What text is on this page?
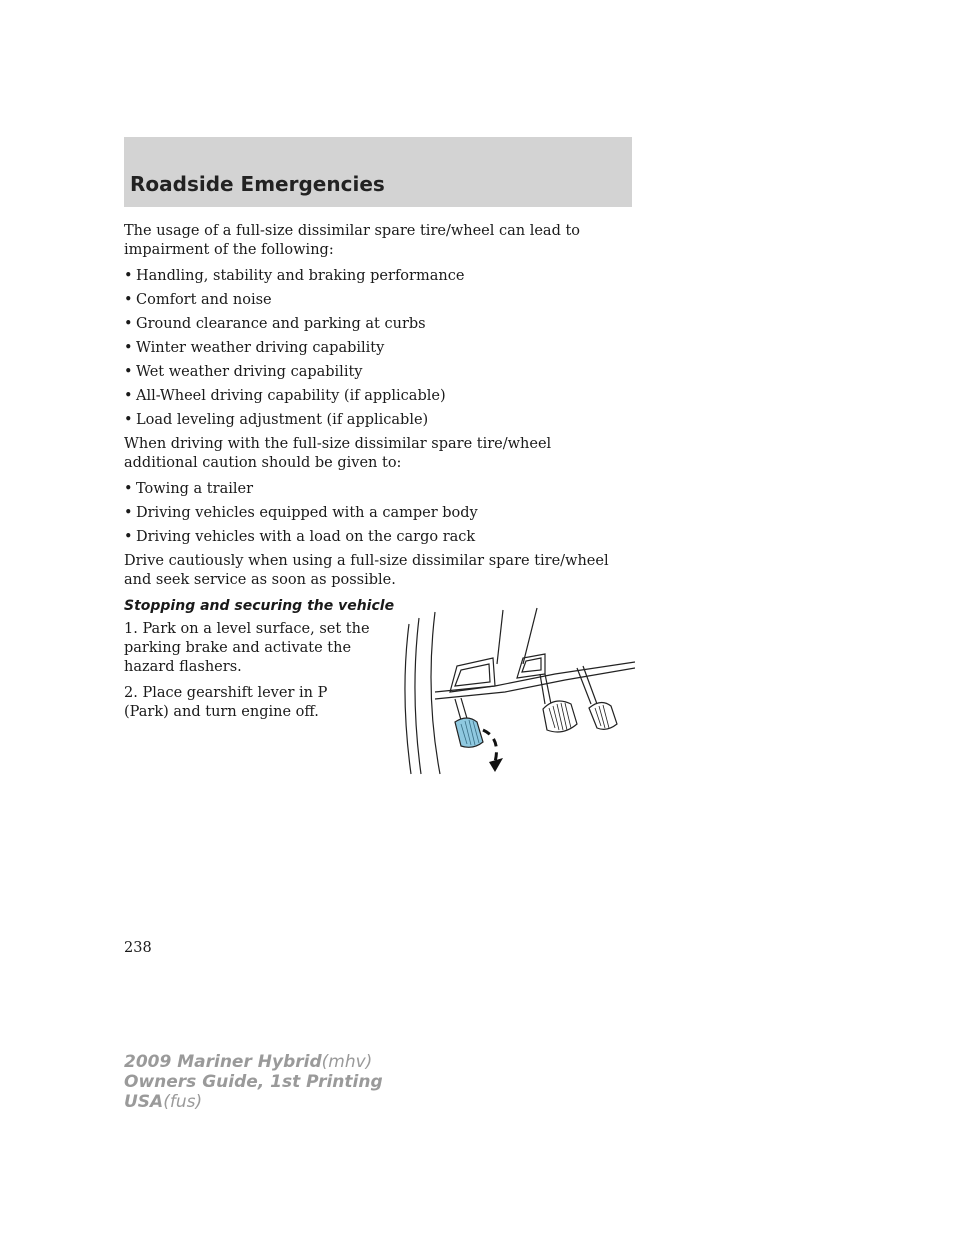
Roadside Emergencies

The usage of a full-size dissimilar spare tire/wheel can lead to impairment of the following:

• Handling, stability and braking performance
• Comfort and noise
• Ground clearance and parking at curbs
• Winter weather driving capability
• Wet weather driving capability
• All-Wheel driving capability (if applicable)
• Load leveling adjustment (if applicable)

When driving with the full-size dissimilar spare tire/wheel additional caution should be given to:

• Towing a trailer
• Driving vehicles equipped with a camper body
• Driving vehicles with a load on the cargo rack

Drive cautiously when using a full-size dissimilar spare tire/wheel and seek service as soon as possible.

Stopping and securing the vehicle

1. Park on a level surface, set the parking brake and activate the hazard flashers.

2. Place gearshift lever in P (Park) and turn engine off.

238
2009 Mariner Hybrid(mhv)
Owners Guide, 1st Printing
USA(fus)
